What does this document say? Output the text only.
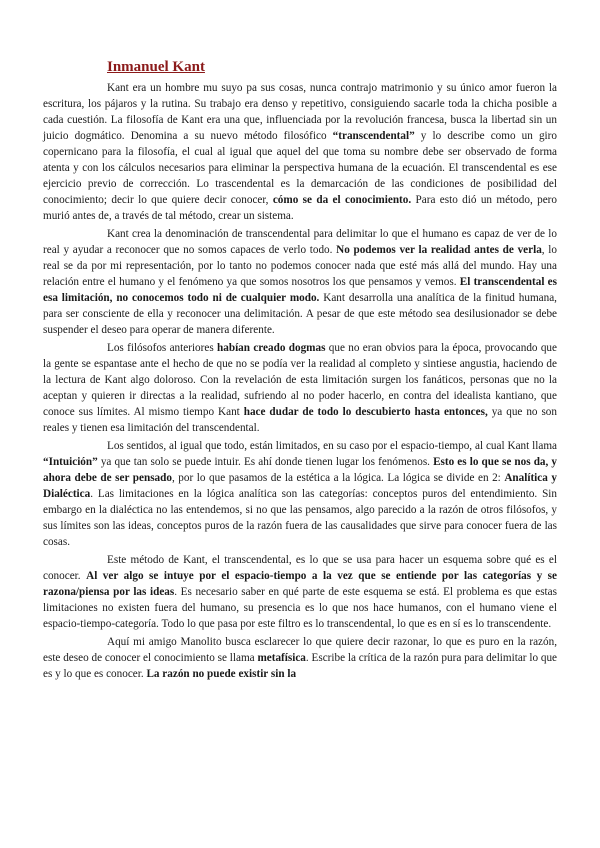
Inmanuel Kant

Kant era un hombre mu suyo pa sus cosas, nunca contrajo matrimonio y su único amor fueron la escritura, los pájaros y la rutina. Su trabajo era denso y repetitivo, consiguiendo sacarle toda la chicha posible a cada cuestión. La filosofía de Kant era una que, influenciada por la revolución francesa, busca la libertad sin un juicio dogmático. Denomina a su nuevo método filosófico “transcendental” y lo describe como un giro copernicano para la filosofía, el cual al igual que aquel del que toma su nombre debe ser observado de forma atenta y con los cálculos necesarios para eliminar la perspectiva humana de la ecuación. El transcendental es ese ejercicio previo de corrección. Lo trascendental es la demarcación de las condiciones de posibilidad del conocimiento; decir lo que quiere decir conocer, cómo se da el conocimiento. Para esto dió un método, pero murió antes de, a través de tal método, crear un sistema.

Kant crea la denominación de transcendental para delimitar lo que el humano es capaz de ver de lo real y ayudar a reconocer que no somos capaces de verlo todo. No podemos ver la realidad antes de verla, lo real se da por mi representación, por lo tanto no podemos conocer nada que esté más allá del mundo. Hay una relación entre el humano y el fenómeno ya que somos nosotros los que pensamos y vemos. El transcendental es esa limitación, no conocemos todo ni de cualquier modo. Kant desarrolla una analítica de la finitud humana, para ser consciente de ella y reconocer una delimitación. A pesar de que este método sea desilusionador se debe suspender el deseo para operar de manera diferente.

Los filósofos anteriores habían creado dogmas que no eran obvios para la época, provocando que la gente se espantase ante el hecho de que no se podía ver la realidad al completo y sintiese angustia, haciendo de la lectura de Kant algo doloroso. Con la revelación de esta limitación surgen los fanáticos, personas que no la aceptan y quieren ir directas a la realidad, sufriendo al no poder hacerlo, en contra del idealista kantiano, que conoce sus límites. Al mismo tiempo Kant hace dudar de todo lo descubierto hasta entonces, ya que no son reales y tienen esa limitación del transcendental.

Los sentidos, al igual que todo, están limitados, en su caso por el espacio-tiempo, al cual Kant llama “Intuición” ya que tan solo se puede intuir. Es ahí donde tienen lugar los fenómenos. Esto es lo que se nos da, y ahora debe de ser pensado, por lo que pasamos de la estética a la lógica. La lógica se divide en 2: Analítica y Dialéctica. Las limitaciones en la lógica analítica son las categorías: conceptos puros del entendimiento. Sin embargo en la dialéctica no las entendemos, si no que las pensamos, algo parecido a la razón de otros filósofos, y sus límites son las ideas, conceptos puros de la razón fuera de las causalidades que sirve para conocer fuera de las cosas.

Este método de Kant, el transcendental, es lo que se usa para hacer un esquema sobre qué es el conocer. Al ver algo se intuye por el espacio-tiempo a la vez que se entiende por las categorías y se razona/piensa por las ideas. Es necesario saber en qué parte de este esquema se está. El problema es que estas limitaciones no existen fuera del humano, su presencia es lo que nos hace humanos, con el humano viene el espacio-tiempo-categoría. Todo lo que pasa por este filtro es lo transcendental, lo que es en sí es lo transcendente.

Aquí mi amigo Manolito busca esclarecer lo que quiere decir razonar, lo que es puro en la razón, este deseo de conocer el conocimiento se llama metafísica. Escribe la crítica de la razón pura para delimitar lo que es y lo que es conocer. La razón no puede existir sin la
